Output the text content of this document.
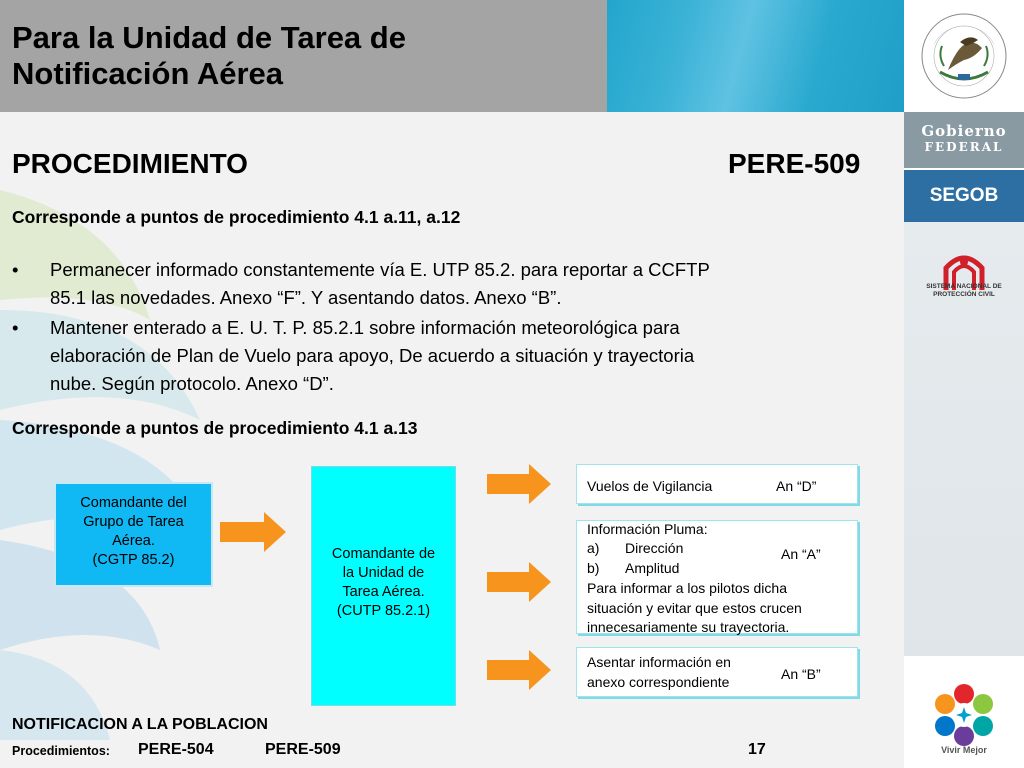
Para la Unidad de Tarea de
Notificación Aérea
Gobierno
FEDERAL
SEGOB
SISTEMA NACIONAL DE
PROTECCIÓN CIVIL
Vivir Mejor
PROCEDIMIENTO	PERE-509
Corresponde a puntos de procedimiento 4.1 a.11, a.12
• Permanecer informado constantemente vía E. UTP 85.2. para reportar a CCFTP
85.1 las novedades. Anexo “F”. Y asentando datos. Anexo “B”.
• Mantener enterado a E. U. T. P. 85.2.1 sobre información meteorológica para
elaboración de Plan de Vuelo para apoyo, De acuerdo a situación y trayectoria
nube. Según protocolo. Anexo “D”.
Corresponde a puntos de procedimiento 4.1 a.13
Comandante del
Grupo de Tarea
Aérea.
(CGTP 85.2)	Comandante de
la Unidad de
Tarea Aérea.
(CUTP 85.2.1)
Vuelos de Vigilancia	An “D”
Información Pluma:
a) Dirección	An “A”
b) Amplitud
Para informar a los pilotos dicha
situación y evitar que estos crucen
innecesariamente su trayectoria.
Asentar información en
anexo correspondiente	An “B”
NOTIFICACION A LA POBLACION
Procedimientos: PERE-504	PERE-509	17
